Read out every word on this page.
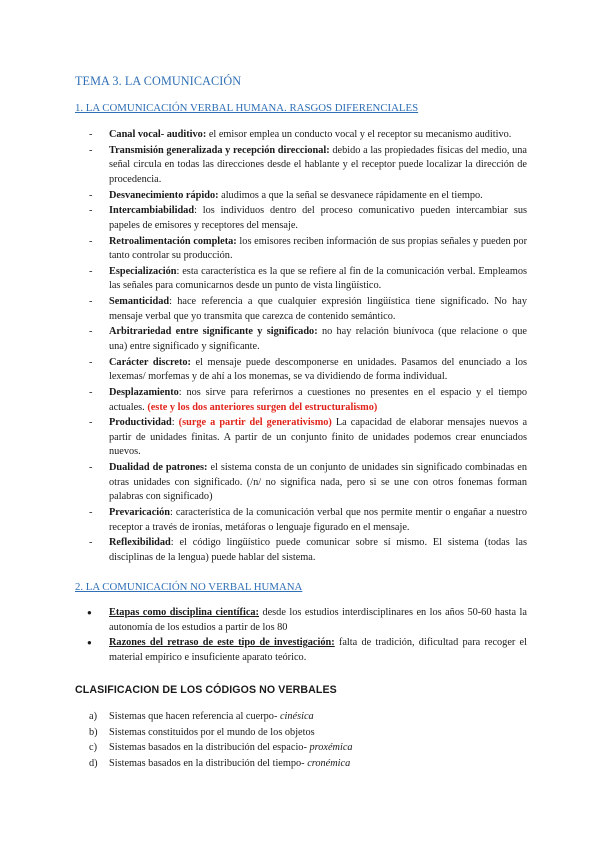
TEMA 3. LA COMUNICACIÓN
1. LA COMUNICACIÓN VERBAL HUMANA. RASGOS DIFERENCIALES
- Canal vocal- auditivo: el emisor emplea un conducto vocal y el receptor su mecanismo auditivo.
- Transmisión generalizada y recepción direccional: debido a las propiedades físicas del medio, una señal circula en todas las direcciones desde el hablante y el receptor puede localizar la dirección de procedencia.
- Desvanecimiento rápido: aludimos a que la señal se desvanece rápidamente en el tiempo.
- Intercambiabilidad: los individuos dentro del proceso comunicativo pueden intercambiar sus papeles de emisores y receptores del mensaje.
- Retroalimentación completa: los emisores reciben información de sus propias señales y pueden por tanto controlar su producción.
- Especialización: esta característica es la que se refiere al fin de la comunicación verbal. Empleamos las señales para comunicarnos desde un punto de vista lingüístico.
- Semanticidad: hace referencia a que cualquier expresión lingüística tiene significado. No hay mensaje verbal que yo transmita que carezca de contenido semántico.
- Arbitrariedad entre significante y significado: no hay relación biunívoca (que relacione o que una) entre significado y significante.
- Carácter discreto: el mensaje puede descomponerse en unidades. Pasamos del enunciado a los lexemas/ morfemas y de ahí a los monemas, se va dividiendo de forma individual.
- Desplazamiento: nos sirve para referirnos a cuestiones no presentes en el espacio y el tiempo actuales. (este y los dos anteriores surgen del estructuralismo)
- Productividad: (surge a partir del generativismo) La capacidad de elaborar mensajes nuevos a partir de unidades finitas. A partir de un conjunto finito de unidades podemos crear enunciados nuevos.
- Dualidad de patrones: el sistema consta de un conjunto de unidades sin significado combinadas en otras unidades con significado. (/n/ no significa nada, pero si se une con otros fonemas forman palabras con significado)
- Prevaricación: característica de la comunicación verbal que nos permite mentir o engañar a nuestro receptor a través de ironías, metáforas o lenguaje figurado en el mensaje.
- Reflexibilidad: el código lingüístico puede comunicar sobre sí mismo. El sistema (todas las disciplinas de la lengua) puede hablar del sistema.
2. LA COMUNICACIÓN NO VERBAL HUMANA
● Etapas como disciplina científica: desde los estudios interdisciplinares en los años 50-60 hasta la autonomía de los estudios a partir de los 80
● Razones del retraso de este tipo de investigación: falta de tradición, dificultad para recoger el material empírico e insuficiente aparato teórico.
CLASIFICACION DE LOS CÓDIGOS NO VERBALES
a) Sistemas que hacen referencia al cuerpo- cinésica
b) Sistemas constituidos por el mundo de los objetos
c) Sistemas basados en la distribución del espacio- proxémica
d) Sistemas basados en la distribución del tiempo- cronémica
